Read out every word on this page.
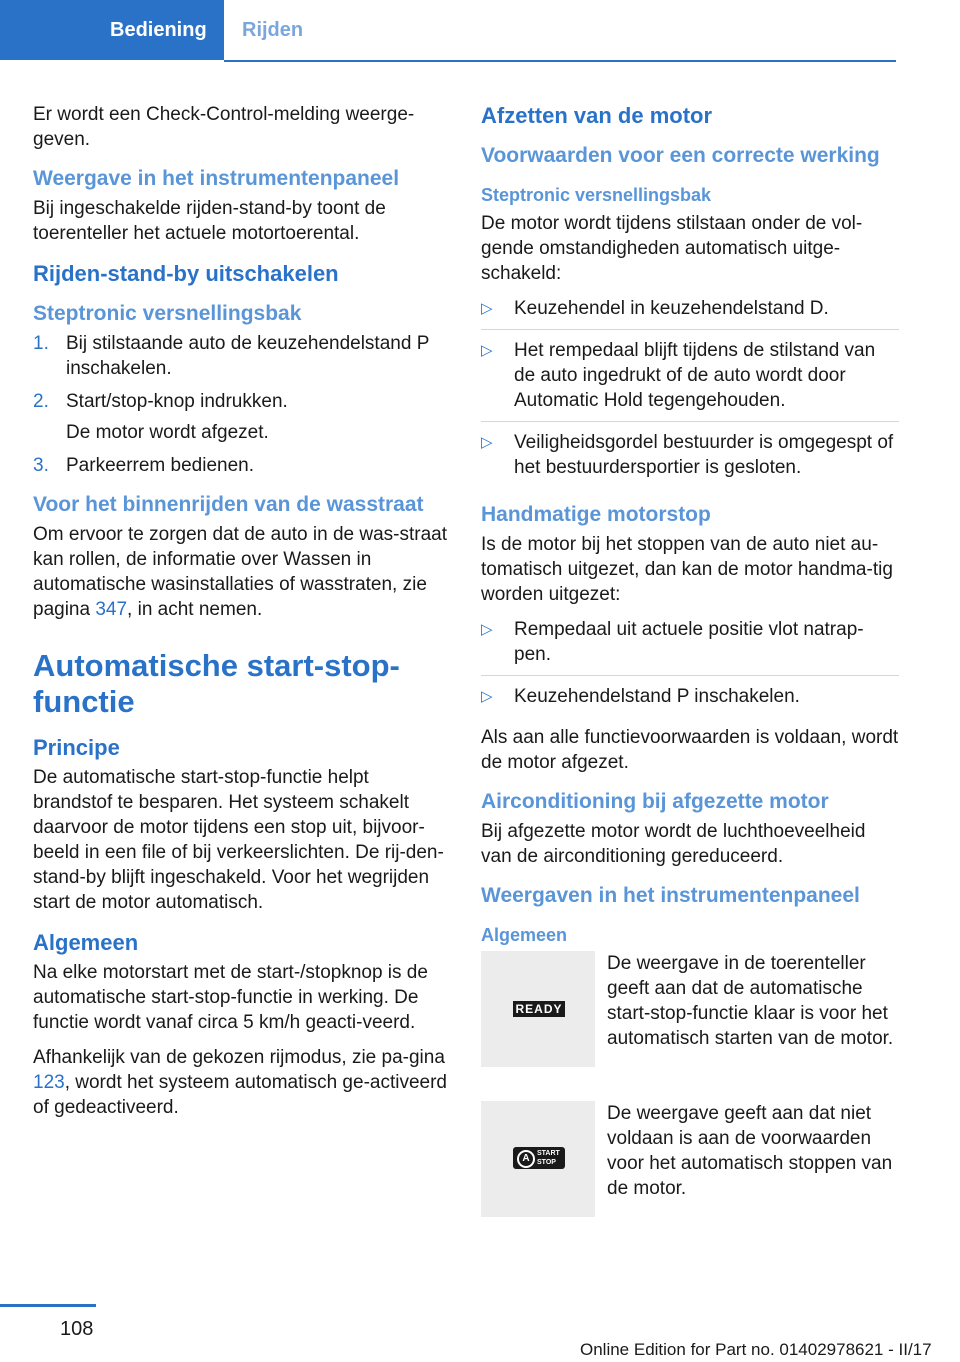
Bediening	Rijden

Er wordt een Check-Control-melding weerge-geven.

Weergave in het instrumentenpaneel

Bij ingeschakelde rijden-stand-by toont de toerenteller het actuele motortoerental.

Rijden-stand-by uitschakelen
Steptronic versnellingsbak
1. Bij stilstaande auto de keuzehendelstand P inschakelen.
2. Start/stop-knop indrukken.
De motor wordt afgezet.
3. Parkeerrem bedienen.
Voor het binnenrijden van de wasstraat

Om ervoor te zorgen dat de auto in de was-straat kan rollen, de informatie over Wassen in automatische wasinstallaties of wasstraten, zie pagina 347, in acht nemen.

Automatische start-stop-functie
Principe

De automatische start-stop-functie helpt brandstof te besparen. Het systeem schakelt daarvoor de motor tijdens een stop uit, bijvoor-beeld in een file of bij verkeerslichten. De rij-den-stand-by blijft ingeschakeld. Voor het wegrijden start de motor automatisch.

Algemeen

Na elke motorstart met de start-/stopknop is de automatische start-stop-functie in werking. De functie wordt vanaf circa 5 km/h geacti-veerd.

Afhankelijk van de gekozen rijmodus, zie pa-gina 123, wordt het systeem automatisch ge-activeerd of gedeactiveerd.

Afzetten van de motor
Voorwaarden voor een correcte werking
Steptronic versnellingsbak

De motor wordt tijdens stilstaan onder de vol-gende omstandigheden automatisch uitge-schakeld:

▷ Keuzehendel in keuzehendelstand D.
▷ Het rempedaal blijft tijdens de stilstand van de auto ingedrukt of de auto wordt door Automatic Hold tegengehouden.
▷ Veiligheidsgordel bestuurder is omgegespt of het bestuurdersportier is gesloten.
Handmatige motorstop

Is de motor bij het stoppen van de auto niet au-tomatisch uitgezet, dan kan de motor handma-tig worden uitgezet:

▷ Rempedaal uit actuele positie vlot natrap-pen.
▷ Keuzehendelstand P inschakelen.

Als aan alle functievoorwaarden is voldaan, wordt de motor afgezet.

Airconditioning bij afgezette motor

Bij afgezette motor wordt de luchthoeveelheid van de airconditioning gereduceerd.

Weergaven in het instrumentenpaneel
Algemeen
READY
De weergave in de toerenteller geeft aan dat de automatische start-stop-functie klaar is voor het automatisch starten van de motor.
A	START STOP
De weergave geeft aan dat niet voldaan is aan de voorwaarden voor het automatisch stoppen van de motor.
108
Online Edition for Part no. 01402978621 - II/17
